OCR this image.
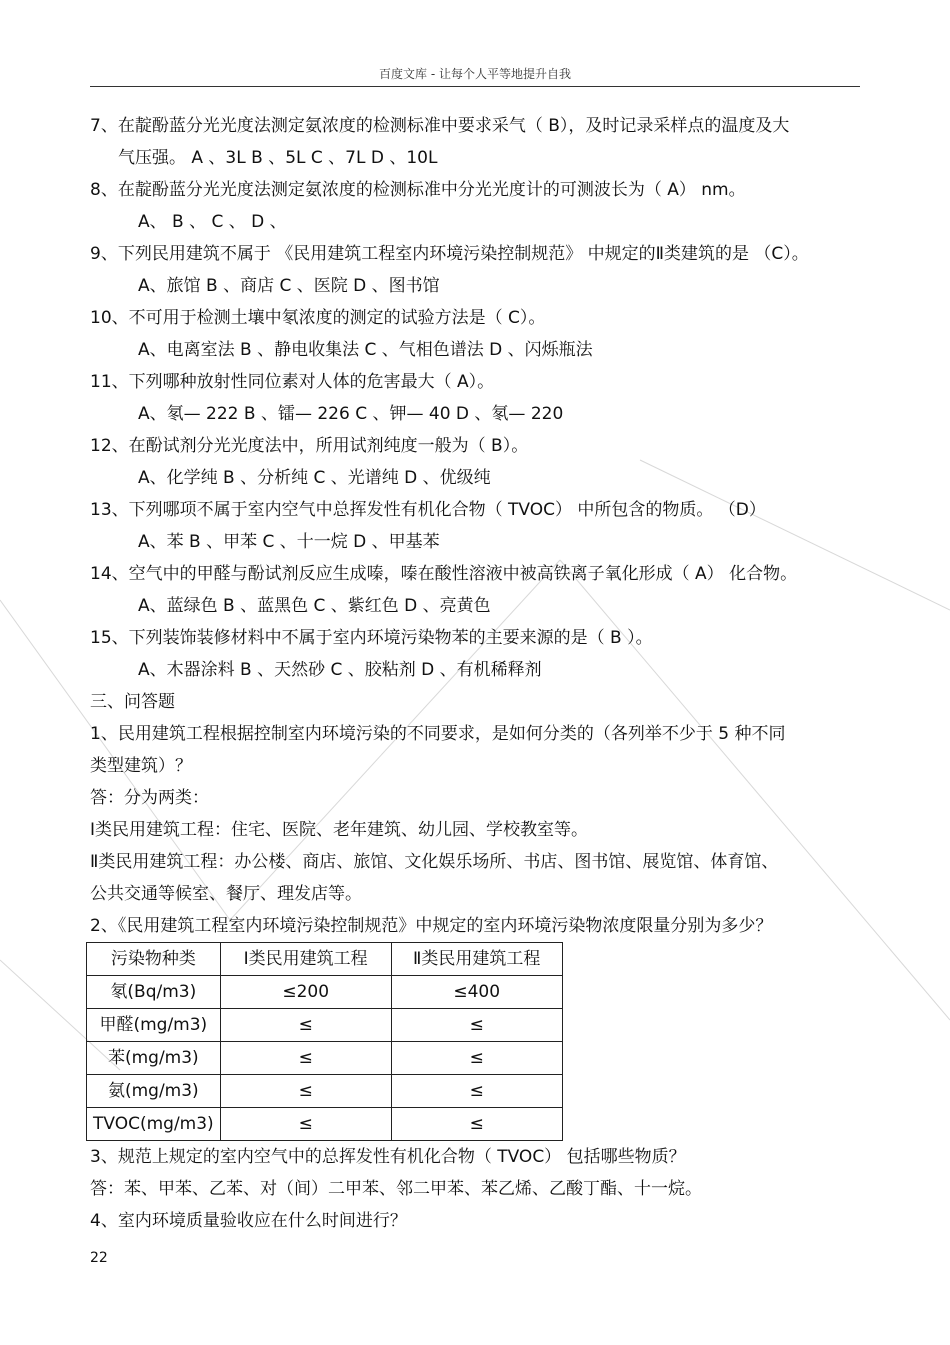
百度文库 - 让每个人平等地提升自我
7、在靛酚蓝分光光度法测定氨浓度的检测标准中要求采气（ B），及时记录采样点的温度及大
气压强。 A 、3L B 、5L C 、7L D 、10L
8、在靛酚蓝分光光度法测定氨浓度的检测标准中分光光度计的可测波长为（ A） nm。
A、 B 、 C 、 D 、
9、下列民用建筑不属于 《民用建筑工程室内环境污染控制规范》 中规定的Ⅱ类建筑的是 （C）。
A、旅馆 B 、商店 C 、医院 D 、图书馆
10、不可用于检测土壤中氡浓度的测定的试验方法是（ C）。
A、电离室法 B 、静电收集法 C 、气相色谱法 D 、闪烁瓶法
11、下列哪种放射性同位素对人体的危害最大（ A）。
A、氡— 222 B 、镭— 226 C 、钾— 40 D 、氡— 220
12、在酚试剂分光光度法中，所用试剂纯度一般为（ B）。
A、化学纯 B 、分析纯 C 、光谱纯 D 、优级纯
13、下列哪项不属于室内空气中总挥发性有机化合物（ TVOC） 中所包含的物质。 （D）
A、苯 B 、甲苯 C 、十一烷 D 、甲基苯
14、空气中的甲醛与酚试剂反应生成嗪，嗪在酸性溶液中被高铁离子氧化形成（ A） 化合物。
A、蓝绿色 B 、蓝黑色 C 、紫红色 D 、亮黄色
15、下列装饰装修材料中不属于室内环境污染物苯的主要来源的是（ B ）。
A、木器涂料 B 、天然砂 C 、胶粘剂 D 、有机稀释剂
三、问答题
1、民用建筑工程根据控制室内环境污染的不同要求，是如何分类的（各列举不少于 5 种不同
类型建筑）？
答：分为两类：
Ⅰ类民用建筑工程：住宅、医院、老年建筑、幼儿园、学校教室等。
Ⅱ类民用建筑工程：办公楼、商店、旅馆、文化娱乐场所、书店、图书馆、展览馆、体育馆、
公共交通等候室、餐厅、理发店等。
2、《民用建筑工程室内环境污染控制规范》中规定的室内环境污染物浓度限量分别为多少？
污染物种类	Ⅰ类民用建筑工程	Ⅱ类民用建筑工程
氡(Bq/m3)	≤200	≤400
甲醛(mg/m3)	≤	≤
苯(mg/m3)	≤	≤
氨(mg/m3)	≤	≤
TVOC(mg/m3)	≤	≤
3、规范上规定的室内空气中的总挥发性有机化合物（ TVOC） 包括哪些物质？
答：苯、甲苯、乙苯、对（间）二甲苯、邻二甲苯、苯乙烯、乙酸丁酯、十一烷。
4、室内环境质量验收应在什么时间进行？
22
